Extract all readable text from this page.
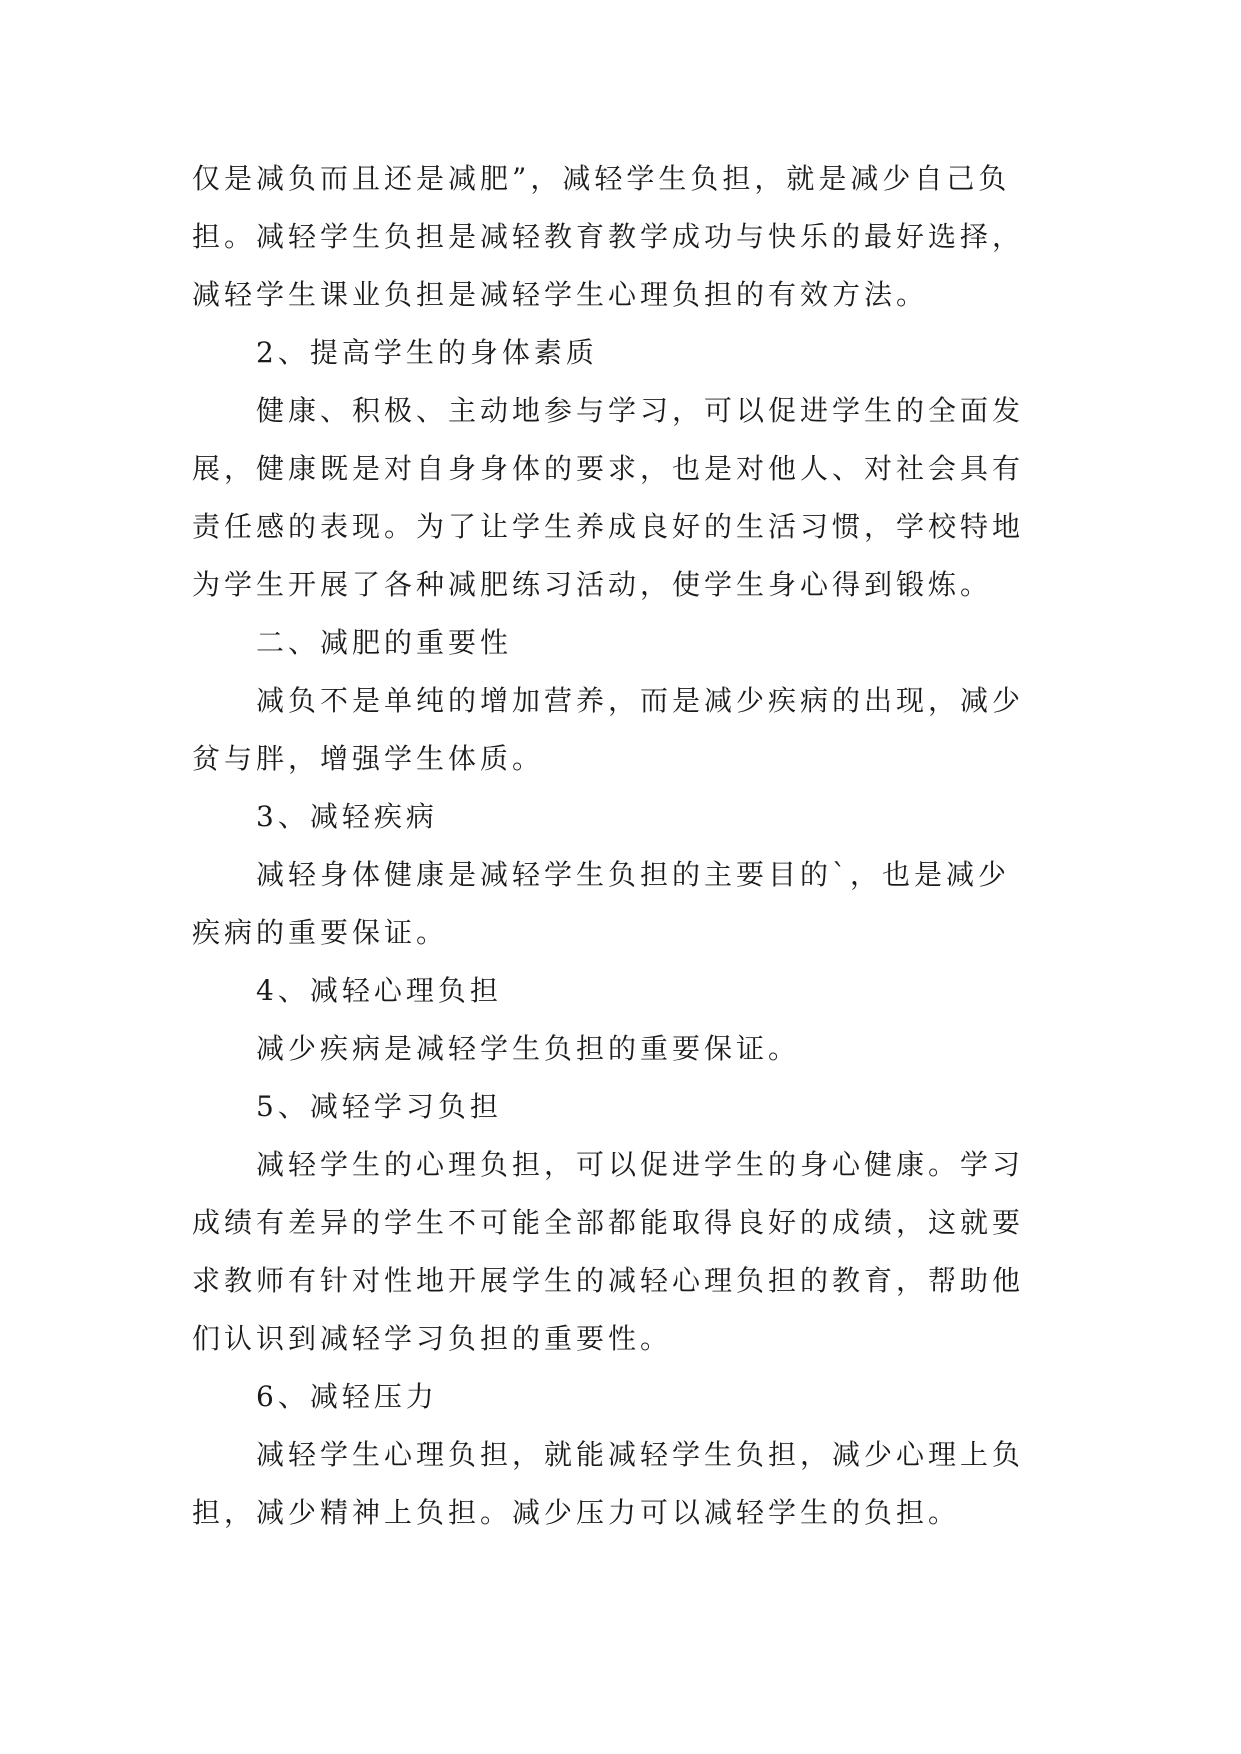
仅是减负而且还是减肥”，减轻学生负担，就是减少自己负
担。减轻学生负担是减轻教育教学成功与快乐的最好选择，
减轻学生课业负担是减轻学生心理负担的有效方法。
2、提高学生的身体素质
健康、积极、主动地参与学习，可以促进学生的全面发
展，健康既是对自身身体的要求，也是对他人、对社会具有
责任感的表现。为了让学生养成良好的生活习惯，学校特地
为学生开展了各种减肥练习活动，使学生身心得到锻炼。
二、减肥的重要性
减负不是单纯的增加营养，而是减少疾病的出现，减少
贫与胖，增强学生体质。
3、减轻疾病
减轻身体健康是减轻学生负担的主要目的`，也是减少
疾病的重要保证。
4、减轻心理负担
减少疾病是减轻学生负担的重要保证。
5、减轻学习负担
减轻学生的心理负担，可以促进学生的身心健康。学习
成绩有差异的学生不可能全部都能取得良好的成绩，这就要
求教师有针对性地开展学生的减轻心理负担的教育，帮助他
们认识到减轻学习负担的重要性。
6、减轻压力
减轻学生心理负担，就能减轻学生负担，减少心理上负
担，减少精神上负担。减少压力可以减轻学生的负担。
